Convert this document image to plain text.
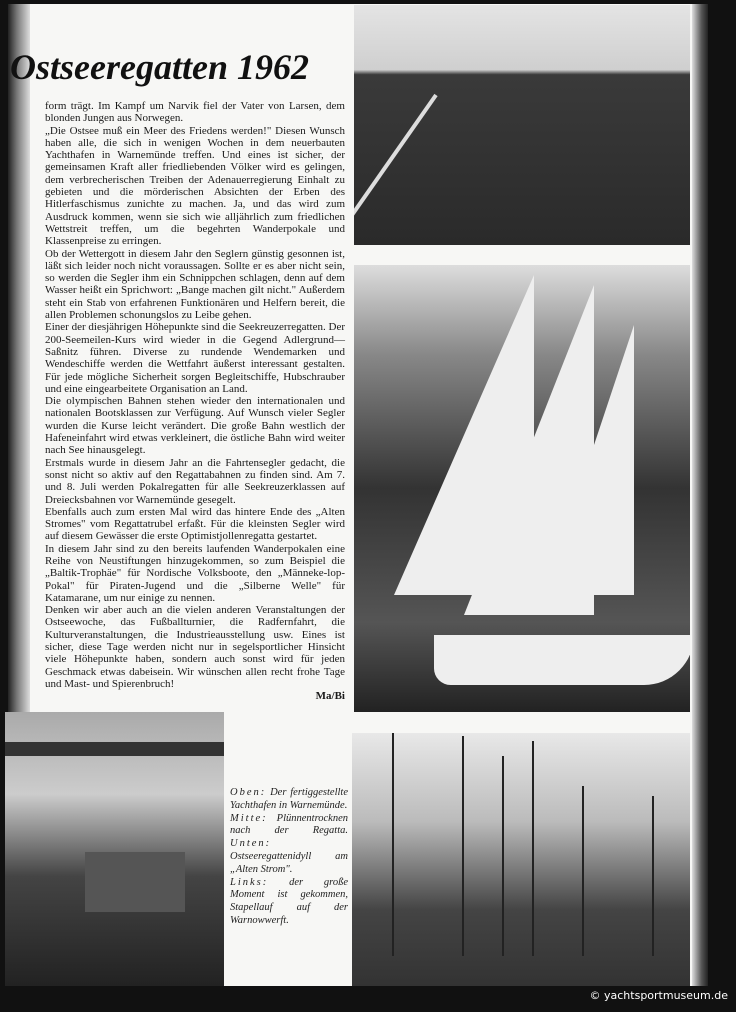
Ostseeregatten 1962

form trägt. Im Kampf um Narvik fiel der Vater von Larsen, dem blonden Jungen aus Norwegen.

„Die Ostsee muß ein Meer des Friedens werden!" Diesen Wunsch haben alle, die sich in wenigen Wochen in dem neuerbauten Yachthafen in Warnemünde treffen. Und eines ist sicher, der gemeinsamen Kraft aller friedliebenden Völker wird es gelingen, dem verbrecherischen Treiben der Adenauerregierung Einhalt zu gebieten und die mörderischen Absichten der Erben des Hitlerfaschismus zunichte zu machen. Ja, und das wird zum Ausdruck kommen, wenn sie sich wie alljährlich zum friedlichen Wettstreit treffen, um die begehrten Wanderpokale und Klassenpreise zu erringen.

Ob der Wettergott in diesem Jahr den Seglern günstig gesonnen ist, läßt sich leider noch nicht voraussagen. Sollte er es aber nicht sein, so werden die Segler ihm ein Schnippchen schlagen, denn auf dem Wasser heißt ein Sprichwort: „Bange machen gilt nicht." Außerdem steht ein Stab von erfahrenen Funktionären und Helfern bereit, die allen Problemen schonungslos zu Leibe gehen.

Einer der diesjährigen Höhepunkte sind die Seekreuzerregatten. Der 200-Seemeilen-Kurs wird wieder in die Gegend Adlergrund—Saßnitz führen. Diverse zu rundende Wendemarken und Wendeschiffe werden die Wettfahrt äußerst interessant gestalten. Für jede mögliche Sicherheit sorgen Begleitschiffe, Hubschrauber und eine eingearbeitete Organisation an Land.

Die olympischen Bahnen stehen wieder den internationalen und nationalen Bootsklassen zur Verfügung. Auf Wunsch vieler Segler wurden die Kurse leicht verändert. Die große Bahn westlich der Hafeneinfahrt wird etwas verkleinert, die östliche Bahn wird weiter nach See hinausgelegt.

Erstmals wurde in diesem Jahr an die Fahrtensegler gedacht, die sonst nicht so aktiv auf den Regattabahnen zu finden sind. Am 7. und 8. Juli werden Pokalregatten für alle Seekreuzerklassen auf Dreiecksbahnen vor Warnemünde gesegelt.

Ebenfalls auch zum ersten Mal wird das hintere Ende des „Alten Stromes" vom Regattatrubel erfaßt. Für die kleinsten Segler wird auf diesem Gewässer die erste Optimistjollenregatta gestartet.

In diesem Jahr sind zu den bereits laufenden Wanderpokalen eine Reihe von Neustiftungen hinzugekommen, so zum Beispiel die „Baltik-Trophäe" für Nordische Volksboote, den „Männeke-lop-Pokal" für Piraten-Jugend und die „Silberne Welle" für Katamarane, um nur einige zu nennen.

Denken wir aber auch an die vielen anderen Veranstaltungen der Ostseewoche, das Fußballturnier, die Radfernfahrt, die Kulturveranstaltungen, die Industrieausstellung usw. Eines ist sicher, diese Tage werden nicht nur in segelsportlicher Hinsicht viele Höhepunkte haben, sondern auch sonst wird für jeden Geschmack etwas dabeisein. Wir wünschen allen recht frohe Tage und Mast- und Spierenbruch!

Ma/Bi

Oben: Der fertiggestellte Yachthafen in Warnemünde.

Mitte: Plünnentrocknen nach der Regatta. Unten: Ostseeregattenidyll am „Alten Strom".

Links: der große Moment ist gekommen, Stapellauf auf der Warnowwerft.

© yachtsportmuseum.de
